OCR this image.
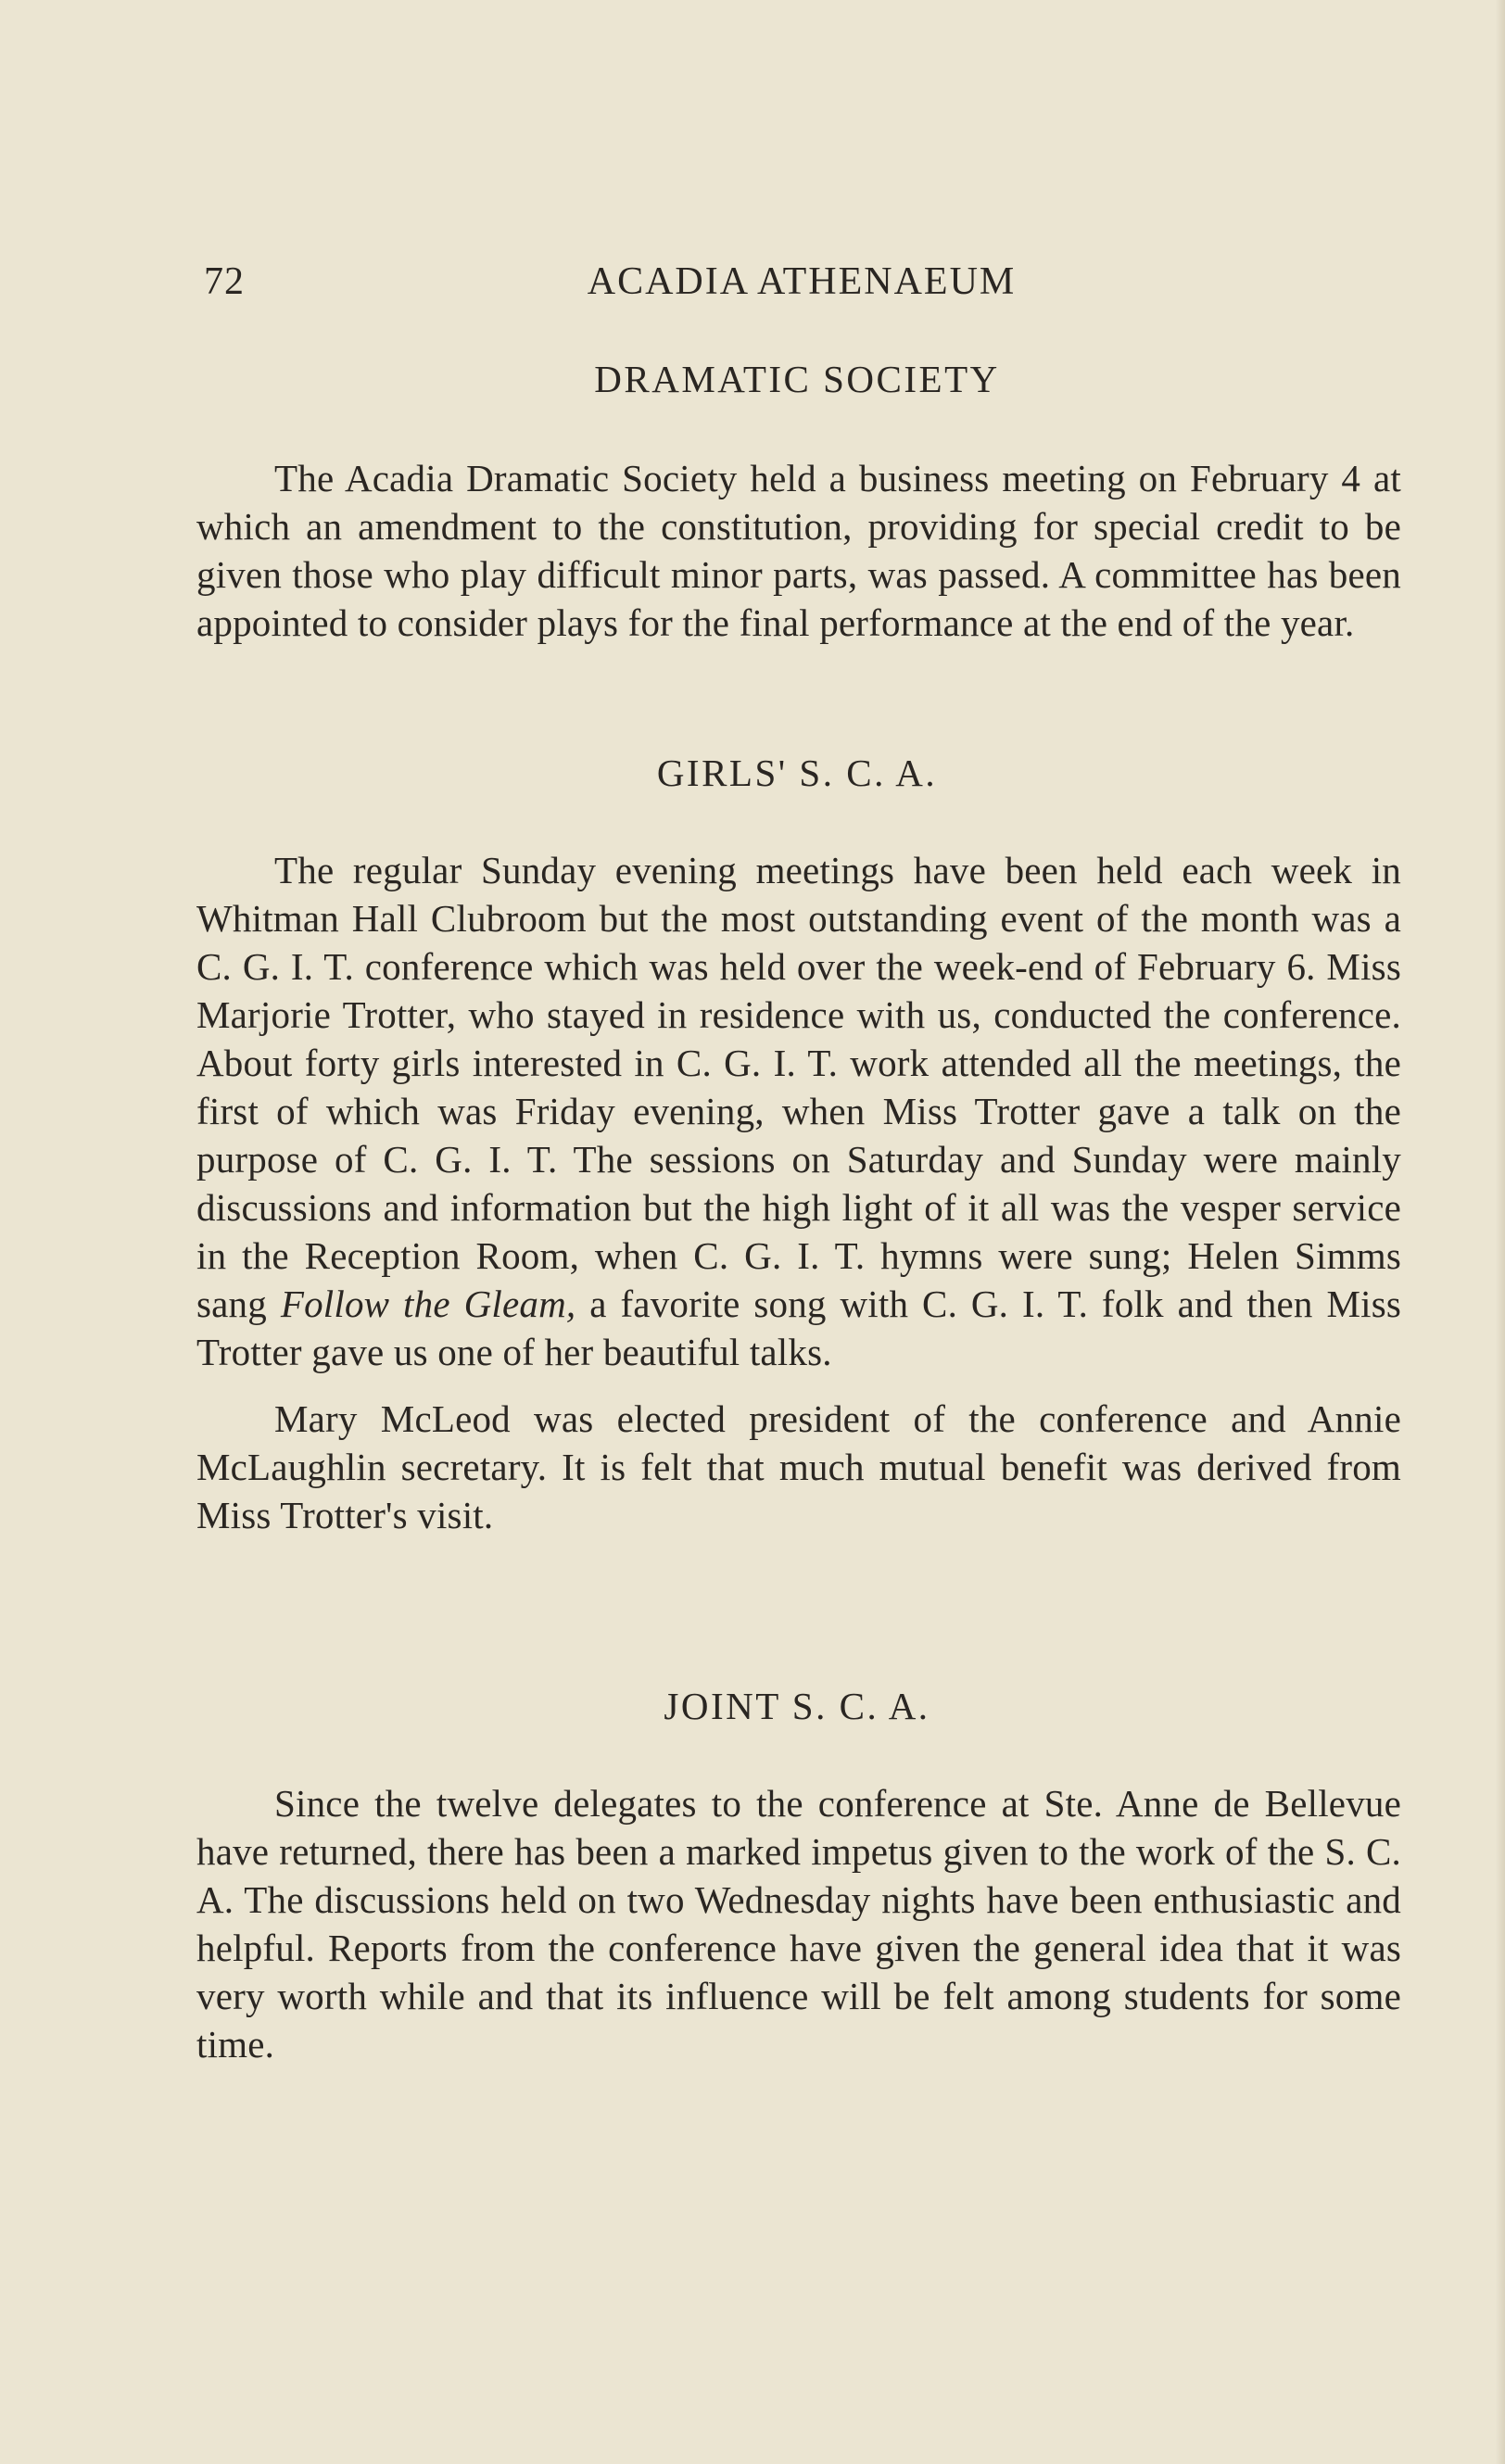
72	ACADIA ATHENAEUM
DRAMATIC SOCIETY

The Acadia Dramatic Society held a business meeting on February 4 at which an amendment to the constitution, providing for special credit to be given those who play difficult minor parts, was passed. A committee has been appointed to consider plays for the final performance at the end of the year.

GIRLS' S. C. A.

The regular Sunday evening meetings have been held each week in Whitman Hall Clubroom but the most outstanding event of the month was a C. G. I. T. conference which was held over the week-end of February 6. Miss Marjorie Trotter, who stayed in residence with us, conducted the conference. About forty girls interested in C. G. I. T. work attended all the meetings, the first of which was Friday evening, when Miss Trotter gave a talk on the purpose of C. G. I. T. The sessions on Saturday and Sunday were mainly discussions and information but the high light of it all was the vesper service in the Reception Room, when C. G. I. T. hymns were sung; Helen Simms sang Follow the Gleam, a favorite song with C. G. I. T. folk and then Miss Trotter gave us one of her beautiful talks.

Mary McLeod was elected president of the conference and Annie McLaughlin secretary. It is felt that much mutual benefit was derived from Miss Trotter's visit.

JOINT S. C. A.

Since the twelve delegates to the conference at Ste. Anne de Bellevue have returned, there has been a marked impetus given to the work of the S. C. A. The discussions held on two Wednesday nights have been enthusiastic and helpful. Reports from the conference have given the general idea that it was very worth while and that its influence will be felt among students for some time.
